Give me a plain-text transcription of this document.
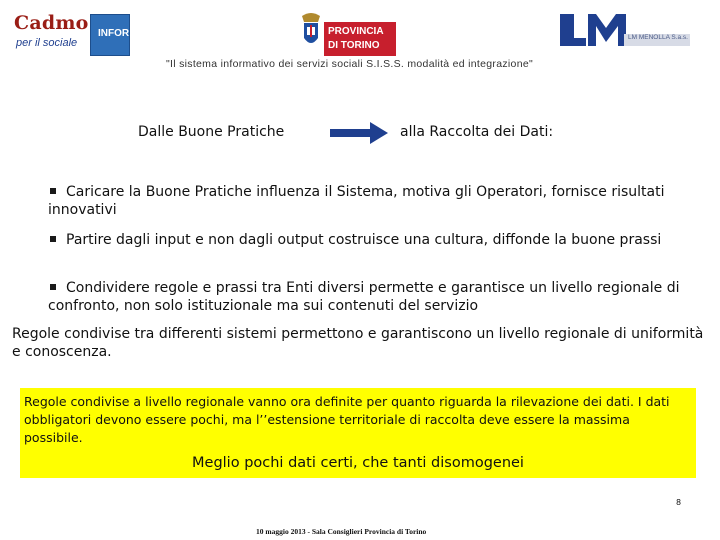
Cadmo
per il sociale
INFOR	PROVINCIA
DI TORINO
LM MENOLLA S.a.s.
"Il sistema informativo dei servizi sociali S.I.S.S. modalità ed integrazione"
Dalle Buone Pratiche	alla Raccolta dei Dati:
Caricare la Buone Pratiche influenza il Sistema, motiva gli Operatori, fornisce risultati innovativi
Partire dagli input e non dagli output costruisce una cultura, diffonde la buone prassi
Condividere regole e prassi tra Enti diversi permette e garantisce un livello regionale di confronto, non solo istituzionale ma sui contenuti del servizio
Regole condivise tra differenti sistemi permettono e garantiscono un livello regionale di uniformità e conoscenza.
Regole condivise a livello regionale vanno ora definite per quanto riguarda la rilevazione dei dati. I dati obbligatori devono essere pochi, ma l’’estensione territoriale di raccolta deve essere la massima possibile.
Meglio pochi dati certi, che tanti disomogenei
8
10 maggio 2013 - Sala Consiglieri Provincia di Torino
